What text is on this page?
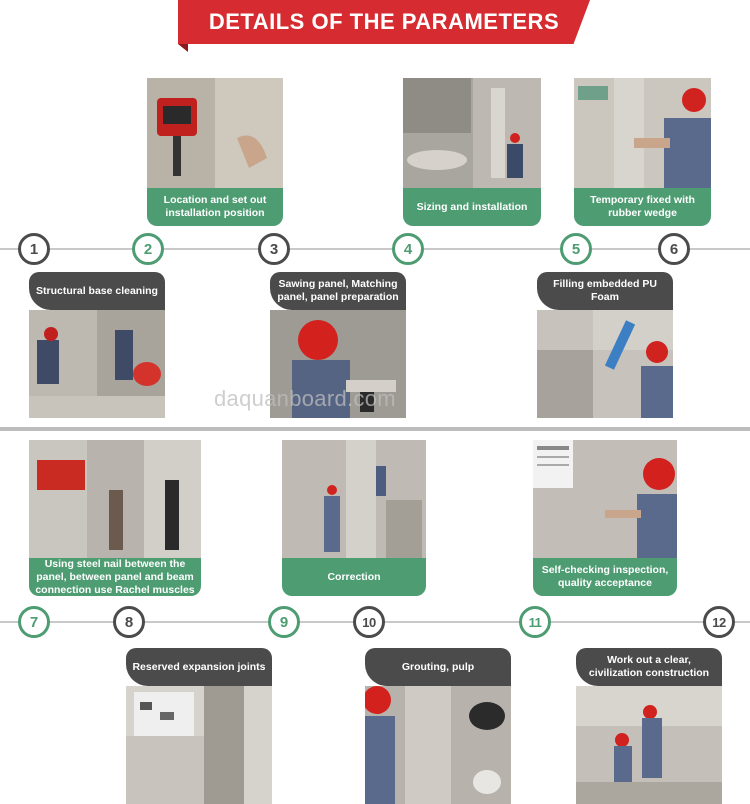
DETAILS OF THE PARAMETERS
Location and set out installation position
Sizing and installation
Temporary fixed with rubber wedge
1	2	3	4	5	6
Structural base cleaning
Sawing panel, Matching panel, panel preparation
Filling embedded PU Foam
daquanboard.com
Using steel nail between the panel, between panel and beam connection use Rachel muscles
Correction
Self-checking inspection, quality acceptance
7	8	9	10	11	12
Reserved expansion joints	Grouting, pulp
Work out a clear, civilization construction
